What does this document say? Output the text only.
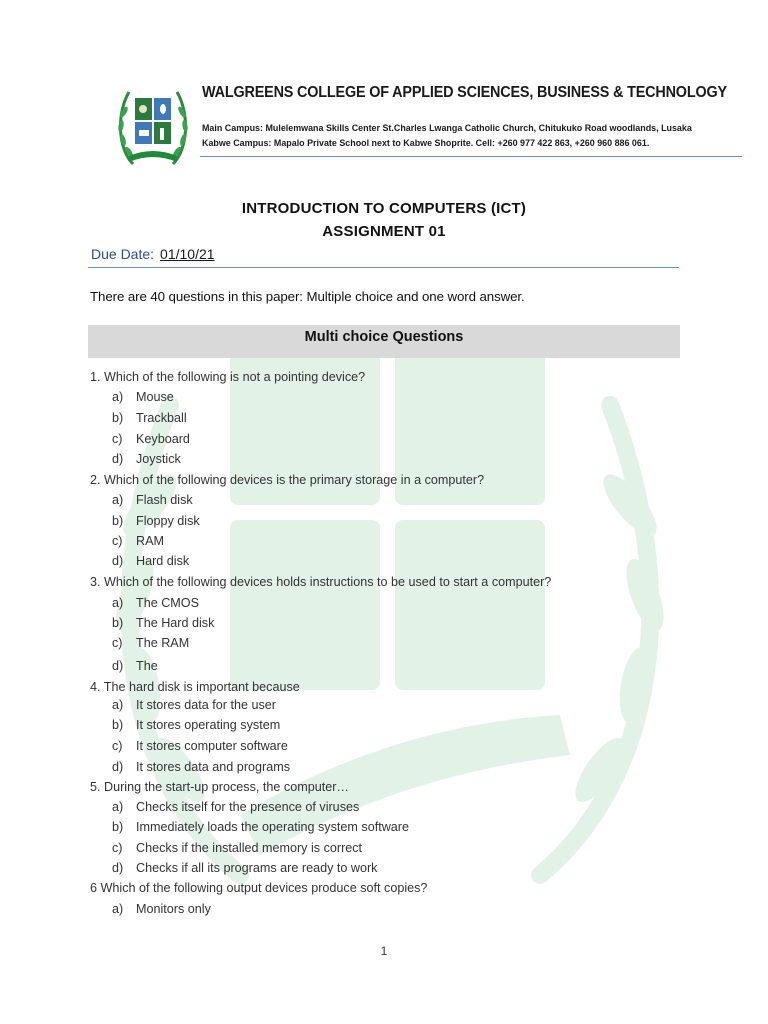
WALGREENS COLLEGE OF APPLIED SCIENCES, BUSINESS & TECHNOLOGY
Main Campus: Mulelemwana Skills Center St.Charles Lwanga Catholic Church, Chitukuko Road woodlands, Lusaka
Kabwe Campus: Mapalo Private School next to Kabwe Shoprite. Cell: +260 977 422 863, +260 960 886 061.
INTRODUCTION TO COMPUTERS (ICT)
ASSIGNMENT 01
Due Date: 01/10/21
There are 40 questions in this paper: Multiple choice and one word answer.
Multi choice Questions
1. Which of the following is not a pointing device?
a) Mouse
b) Trackball
c) Keyboard
d) Joystick
2. Which of the following devices is the primary storage in a computer?
a) Flash disk
b) Floppy disk
c) RAM
d) Hard disk
3. Which of the following devices holds instructions to be used to start a computer?
a) The CMOS
b) The Hard disk
c) The RAM
d) The
4. The hard disk is important because
a) It stores data for the user
b) It stores operating system
c) It stores computer software
d) It stores data and programs
5. During the start-up process, the computer…
a) Checks itself for the presence of viruses
b) Immediately loads the operating system software
c) Checks if the installed memory is correct
d) Checks if all its programs are ready to work
6 Which of the following output devices produce soft copies?
a) Monitors only
1
